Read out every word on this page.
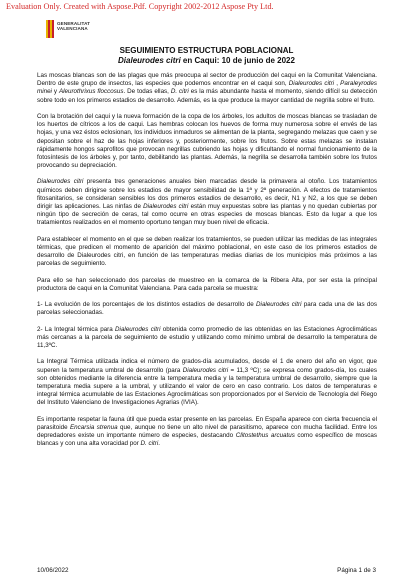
Evaluation Only. Created with Aspose.Pdf. Copyright 2002-2012 Aspose Pty Ltd.
GENERALITAT
VALENCIANA

SEGUIMIENTO ESTRUCTURA POBLACIONAL

Dialeurodes citri en Caqui: 10 de junio de 2022

Las moscas blancas son de las plagas que más preocupa al sector de producción del caqui en la Comunitat Valenciana. Dentro de este grupo de insectos, las especies que podemos encontrar en el caqui son, Dialeurodes citri , Paraleyrodes minei y Aleurothrixus floccosus. De todas ellas, D. citri es la más abundante hasta el momento, siendo difícil su detección sobre todo en los primeros estadios de desarrollo. Además, es la que produce la mayor cantidad de negrilla sobre el fruto.

Con la brotación del caqui y la nueva formación de la copa de los árboles, los adultos de moscas blancas se trasladan de los huertos de cítricos a los de caqui. Las hembras colocan los huevos de forma muy numerosa sobre el envés de las hojas, y una vez éstos eclosionan, los individuos inmaduros se alimentan de la planta, segregando melazas que caen y se depositan sobre el haz de las hojas inferiores y, posteriormente, sobre los frutos. Sobre estas melazas se instalan rápidamente hongos saprofitos que provocan negrillas cubriendo las hojas y dificultando el normal funcionamiento de la fotosíntesis de los árboles y, por tanto, debilitando las plantas. Además, la negrilla se desarrolla también sobre los frutos provocando su depreciación.

Dialeurodes citri presenta tres generaciones anuales bien marcadas desde la primavera al otoño. Los tratamientos químicos deben dirigirse sobre los estadios de mayor sensibilidad de la 1ª y 2ª generación. A efectos de tratamientos fitosanitarios, se consideran sensibles los dos primeros estadios de desarrollo, es decir, N1 y N2, a los que se deben dirigir las aplicaciones. Las ninfas de Dialeurodes citri están muy expuestas sobre las plantas y no quedan cubiertas por ningún tipo de secreción de ceras, tal como ocurre en otras especies de moscas blancas. Esto da lugar a que los tratamientos realizados en el momento oportuno tengan muy buen nivel de eficacia.

Para establecer el momento en el que se deben realizar los tratamientos, se pueden utilizar las medidas de las integrales térmicas, que predicen el momento de aparición del máximo poblacional, en este caso de los primeros estadios de desarrollo de Dialeurodes citri, en función de las temperaturas medias diarias de los municipios más próximos a las parcelas de seguimiento.

Para ello se han seleccionado dos parcelas de muestreo en la comarca de la Ribera Alta, por ser esta la principal productora de caqui en la Comunitat Valenciana. Para cada parcela se muestra:

1- La evolución de los porcentajes de los distintos estadios de desarrollo de Dialeurodes citri para cada una de las dos parcelas seleccionadas.

2- La Integral térmica para Dialeurodes citri obtenida como promedio de las obtenidas en las Estaciones Agroclimáticas más cercanas a la parcela de seguimiento de estudio y utilizando como mínimo umbral de desarrollo la temperatura de 11,3ºC.

La Integral Térmica utilizada indica el número de grados-día acumulados, desde el 1 de enero del año en vigor, que superen la temperatura umbral de desarrollo (para Dialeurodes citri = 11,3 ºC); se expresa como grados-día, los cuales son obtenidos mediante la diferencia entre la temperatura media y la temperatura umbral de desarrollo, siempre que la temperatura media supere a la umbral, y utilizando el valor de cero en caso contrario. Los datos de temperaturas e integral térmica acumulable de las Estaciones Agroclimáticas son proporcionados por el Servicio de Tecnología del Riego del Instituto Valenciano de Investigaciones Agrarias (IVIA).

Es importante respetar la fauna útil que pueda estar presente en las parcelas. En España aparece con cierta frecuencia el parasitoide Encarsia strenua que, aunque no tiene un alto nivel de parasitismo, aparece con mucha facilidad. Entre los depredadores existe un importante número de especies, destacando Clitostethus arcuatus como específico de moscas blancas y con una alta voracidad por D. citri.

10/06/2022	Página 1 de 3
